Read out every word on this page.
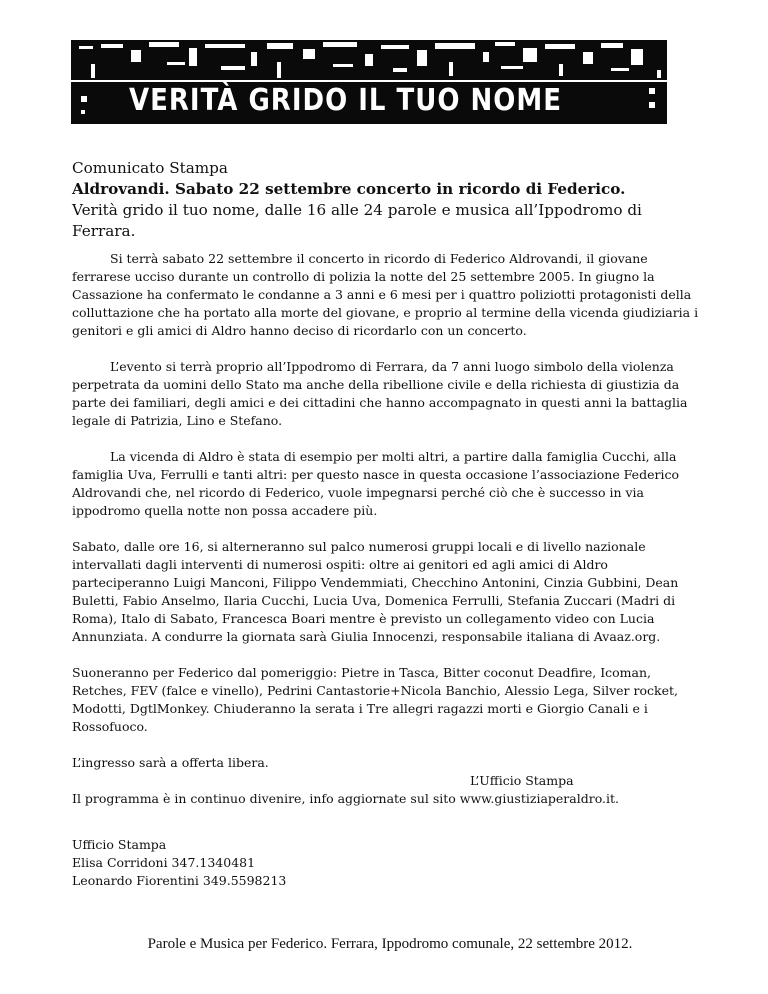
VERITÀ GRIDO IL TUO NOME
Comunicato Stampa
Aldrovandi. Sabato 22 settembre concerto in ricordo di Federico.
Verità grido il tuo nome, dalle 16 alle 24 parole e musica all’Ippodromo di Ferrara.

Si terrà sabato 22 settembre il concerto in ricordo di Federico Aldrovandi, il giovane ferrarese ucciso durante un controllo di polizia la notte del 25 settembre 2005. In giugno la Cassazione ha confermato le condanne a 3 anni e 6 mesi per i quattro poliziotti protagonisti della colluttazione che ha portato alla morte del giovane, e proprio al termine della vicenda giudiziaria i genitori e gli amici di Aldro hanno deciso di ricordarlo con un concerto.

L’evento si terrà proprio all’Ippodromo di Ferrara, da 7 anni luogo simbolo della violenza perpetrata da uomini dello Stato ma anche della ribellione civile e della richiesta di giustizia da parte dei familiari, degli amici e dei cittadini che hanno accompagnato in questi anni la battaglia legale di Patrizia, Lino e Stefano.

La vicenda di Aldro è stata di esempio per molti altri, a partire dalla famiglia Cucchi, alla famiglia Uva, Ferrulli e tanti altri: per questo nasce in questa occasione l’associazione Federico Aldrovandi che, nel ricordo di Federico, vuole impegnarsi perché ciò che è successo in via ippodromo quella notte non possa accadere più.

Sabato, dalle ore 16, si alterneranno sul palco numerosi gruppi locali e di livello nazionale intervallati dagli interventi di numerosi ospiti: oltre ai genitori ed agli amici di Aldro parteciperanno Luigi Manconi, Filippo Vendemmiati, Checchino Antonini, Cinzia Gubbini, Dean Buletti, Fabio Anselmo, Ilaria Cucchi, Lucia Uva, Domenica Ferrulli, Stefania Zuccari (Madri di Roma), Italo di Sabato, Francesca Boari mentre è previsto un collegamento video con Lucia Annunziata. A condurre la giornata sarà Giulia Innocenzi, responsabile italiana di Avaaz.org.

Suoneranno per Federico dal pomeriggio: Pietre in Tasca, Bitter coconut Deadfire, Icoman, Retches, FEV (falce e vinello), Pedrini Cantastorie+Nicola Banchio, Alessio Lega, Silver rocket, Modotti, DgtlMonkey. Chiuderanno la serata i Tre allegri ragazzi morti e Giorgio Canali e i Rossofuoco.

L’ingresso sarà a offerta libera.

Il programma è in continuo divenire, info aggiornate sul sito www.giustiziaperaldro.it.

L’Ufficio Stampa
Ufficio Stampa
Elisa Corridoni 347.1340481
Leonardo Fiorentini 349.5598213
Parole e Musica per Federico. Ferrara, Ippodromo comunale, 22 settembre 2012.
